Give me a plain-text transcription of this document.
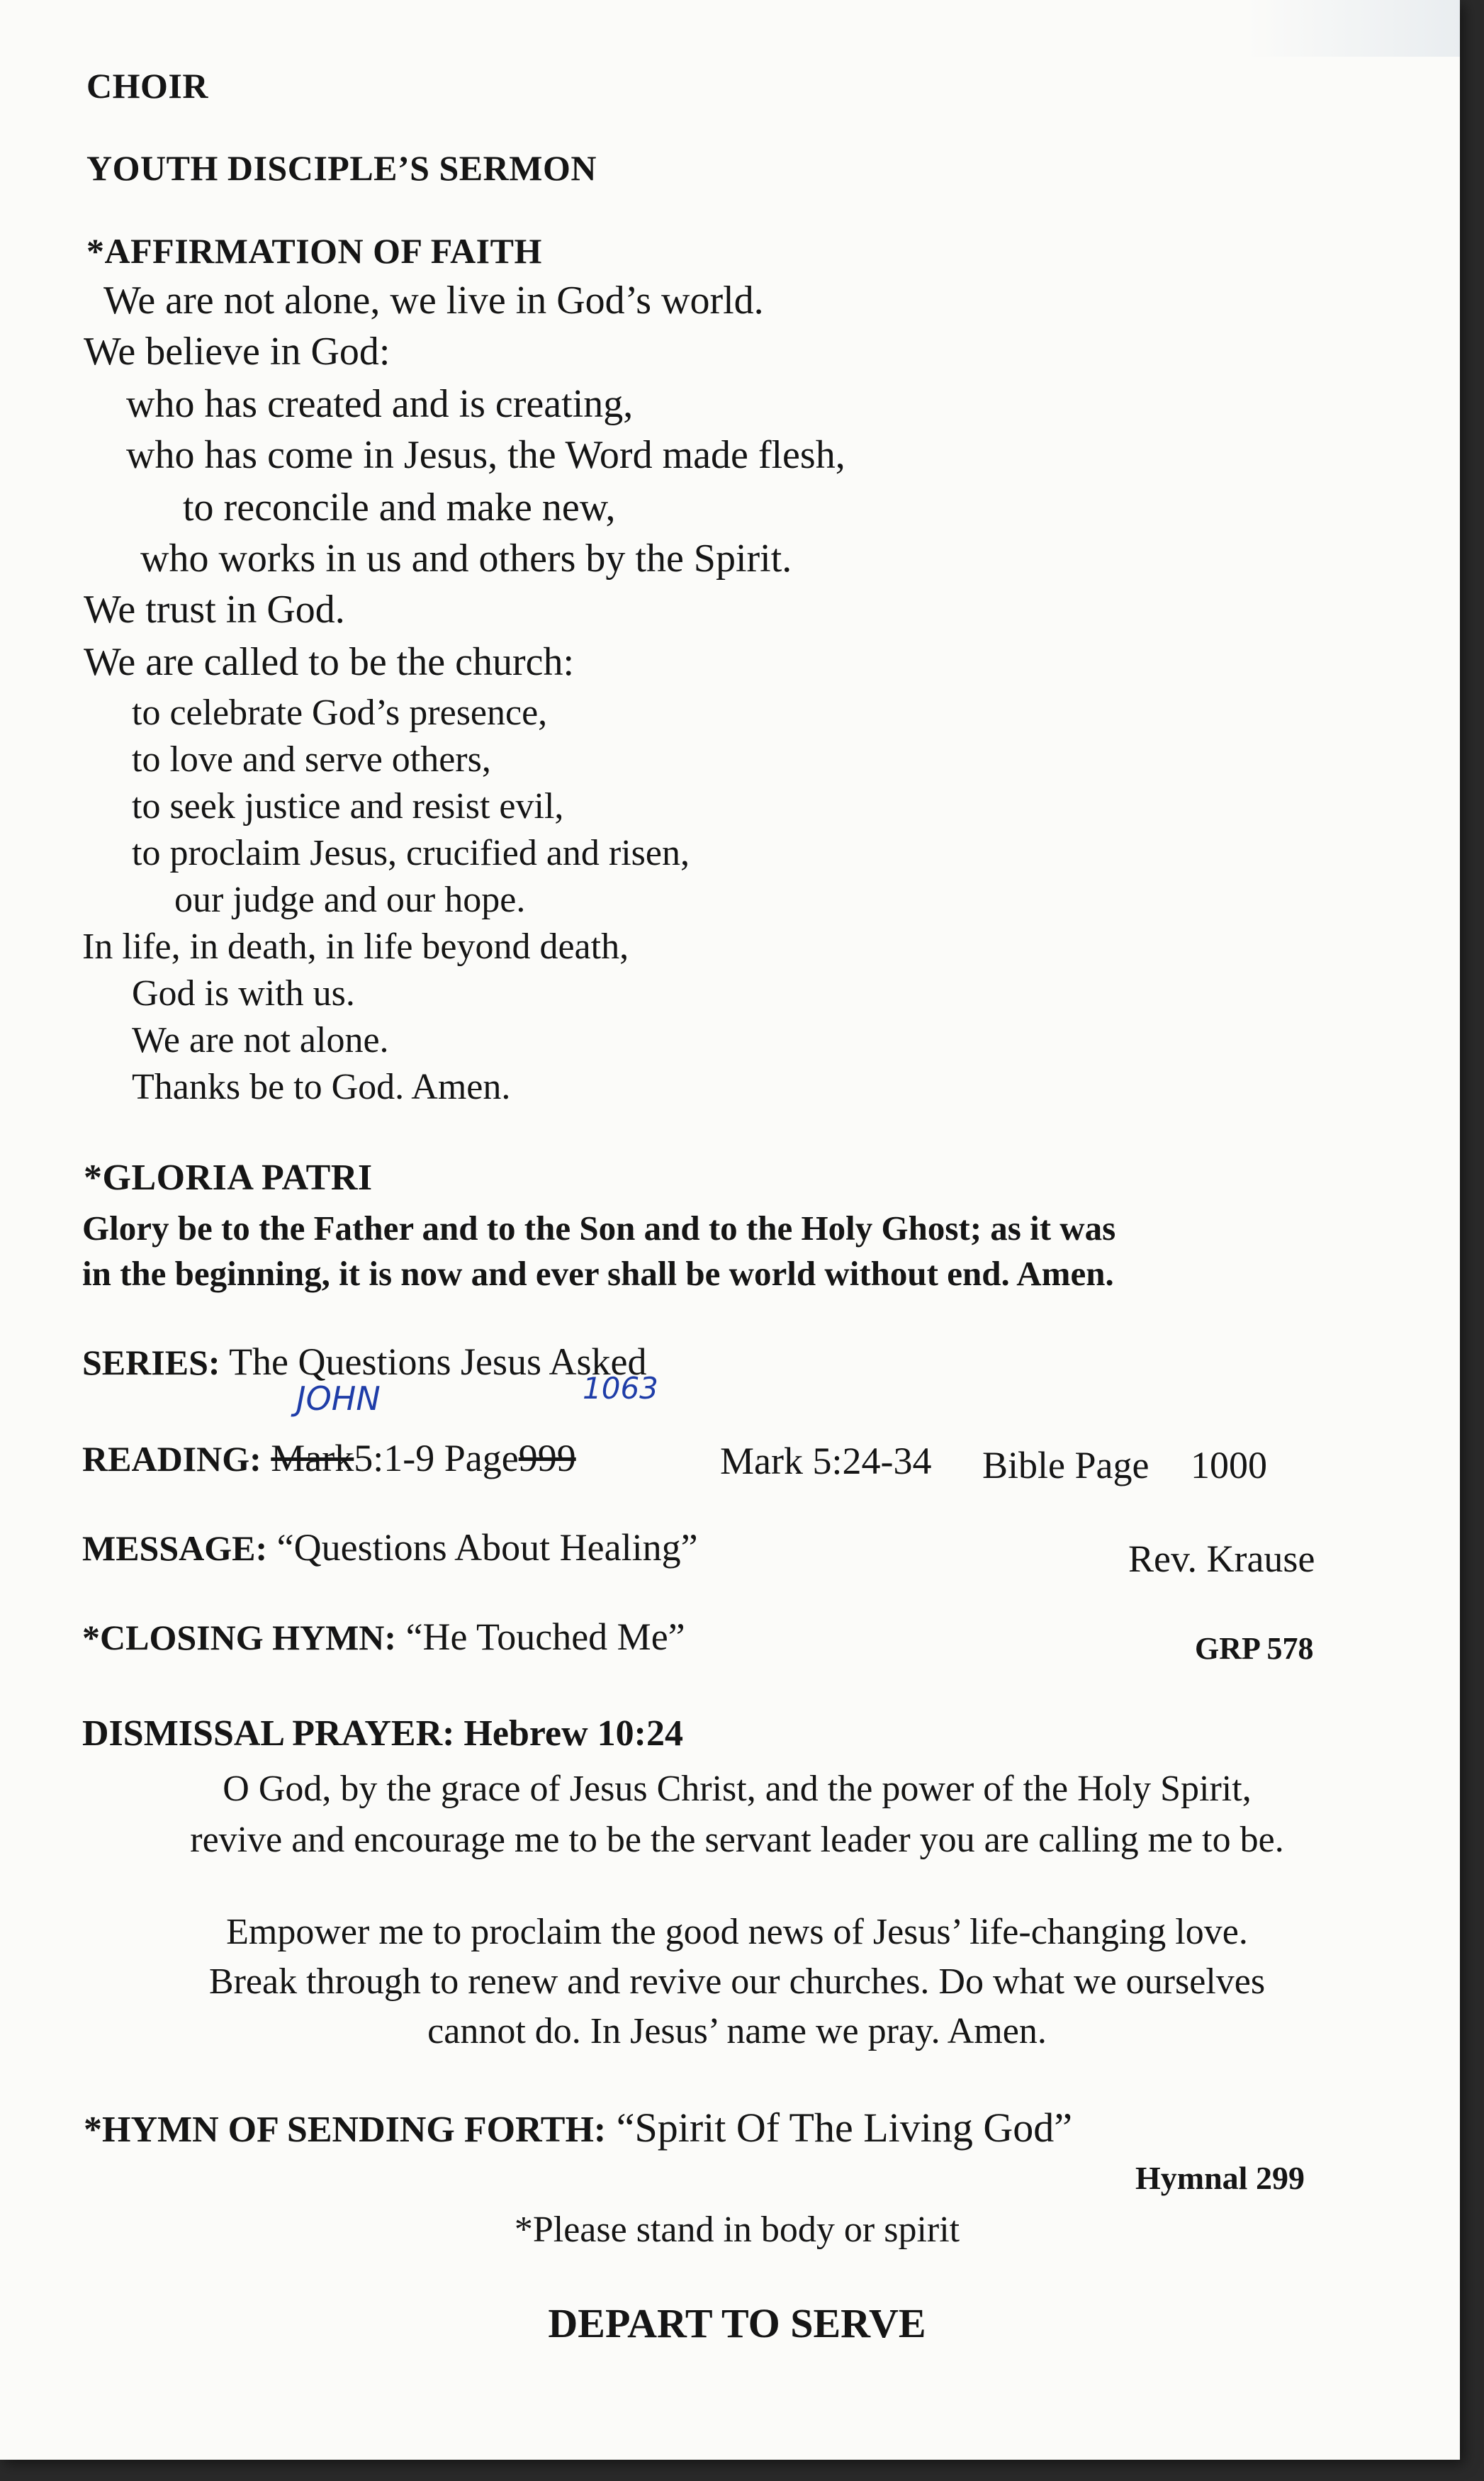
CHOIR
YOUTH DISCIPLE’S SERMON
*AFFIRMATION OF FAITH
We are not alone, we live in God’s world.
We believe in God:
who has created and is creating,
who has come in Jesus, the Word made flesh,
to reconcile and make new,
who works in us and others by the Spirit.
We trust in God.
We are called to be the church:
to celebrate God’s presence,
to love and serve others,
to seek justice and resist evil,
to proclaim Jesus, crucified and risen,
our judge and our hope.
In life, in death, in life beyond death,
God is with us.
We are not alone.
Thanks be to God. Amen.
*GLORIA PATRI
Glory be to the Father and to the Son and to the Holy Ghost; as it was
in the beginning, it is now and ever shall be world without end. Amen.
SERIES: The Questions Jesus Asked
JOHN	1063
READING: Mark5:1-9 Page999	Mark 5:24-34 Bible Page 1000
MESSAGE: “Questions About Healing”	Rev. Krause
*CLOSING HYMN: “He Touched Me”	GRP 578
DISMISSAL PRAYER: Hebrew 10:24
O God, by the grace of Jesus Christ, and the power of the Holy Spirit,
revive and encourage me to be the servant leader you are calling me to be.
Empower me to proclaim the good news of Jesus’ life-changing love.
Break through to renew and revive our churches. Do what we ourselves
cannot do. In Jesus’ name we pray. Amen.
*HYMN OF SENDING FORTH: “Spirit Of The Living God”
Hymnal 299
*Please stand in body or spirit
DEPART TO SERVE
